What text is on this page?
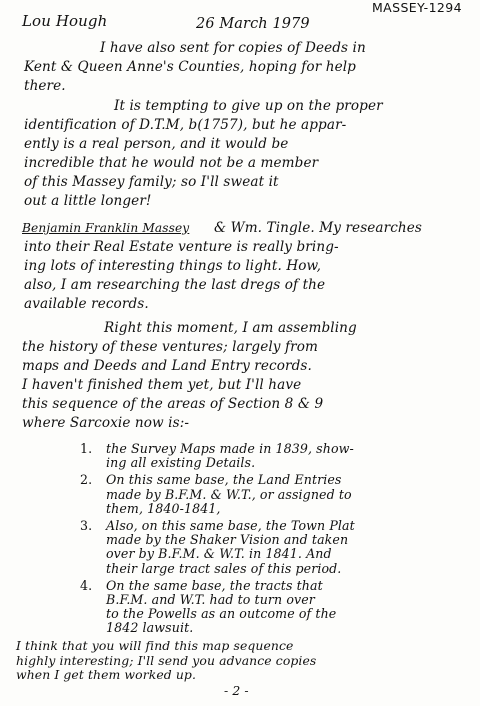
MASSEY-1294
Lou Hough	26 March 1979
I have also sent for copies of Deeds in
Kent & Queen Anne's Counties, hoping for help
there.
It is tempting to give up on the proper
identification of D.T.M, b(1757), but he appar-
ently is a real person, and it would be
incredible that he would not be a member
of this Massey family; so I'll sweat it
out a little longer!
Benjamin Franklin Massey & Wm. Tingle. My researches
into their Real Estate venture is really bring-
ing lots of interesting things to light. How,
also, I am researching the last dregs of the
available records.
Right this moment, I am assembling
the history of these ventures; largely from
maps and Deeds and Land Entry records.
I haven't finished them yet, but I'll have
this sequence of the areas of Section 8 & 9
where Sarcoxie now is:-
1. the Survey Maps made in 1839, show-
ing all existing Details.
2. On this same base, the Land Entries
made by B.F.M. & W.T., or assigned to
them, 1840-1841,
3. Also, on this same base, the Town Plat
made by the Shaker Vision and taken
over by B.F.M. & W.T. in 1841. And
their large tract sales of this period.
4. On the same base, the tracts that
B.F.M. and W.T. had to turn over
to the Powells as an outcome of the
1842 lawsuit.
I think that you will find this map sequence
highly interesting; I'll send you advance copies
when I get them worked up.
- 2 -
